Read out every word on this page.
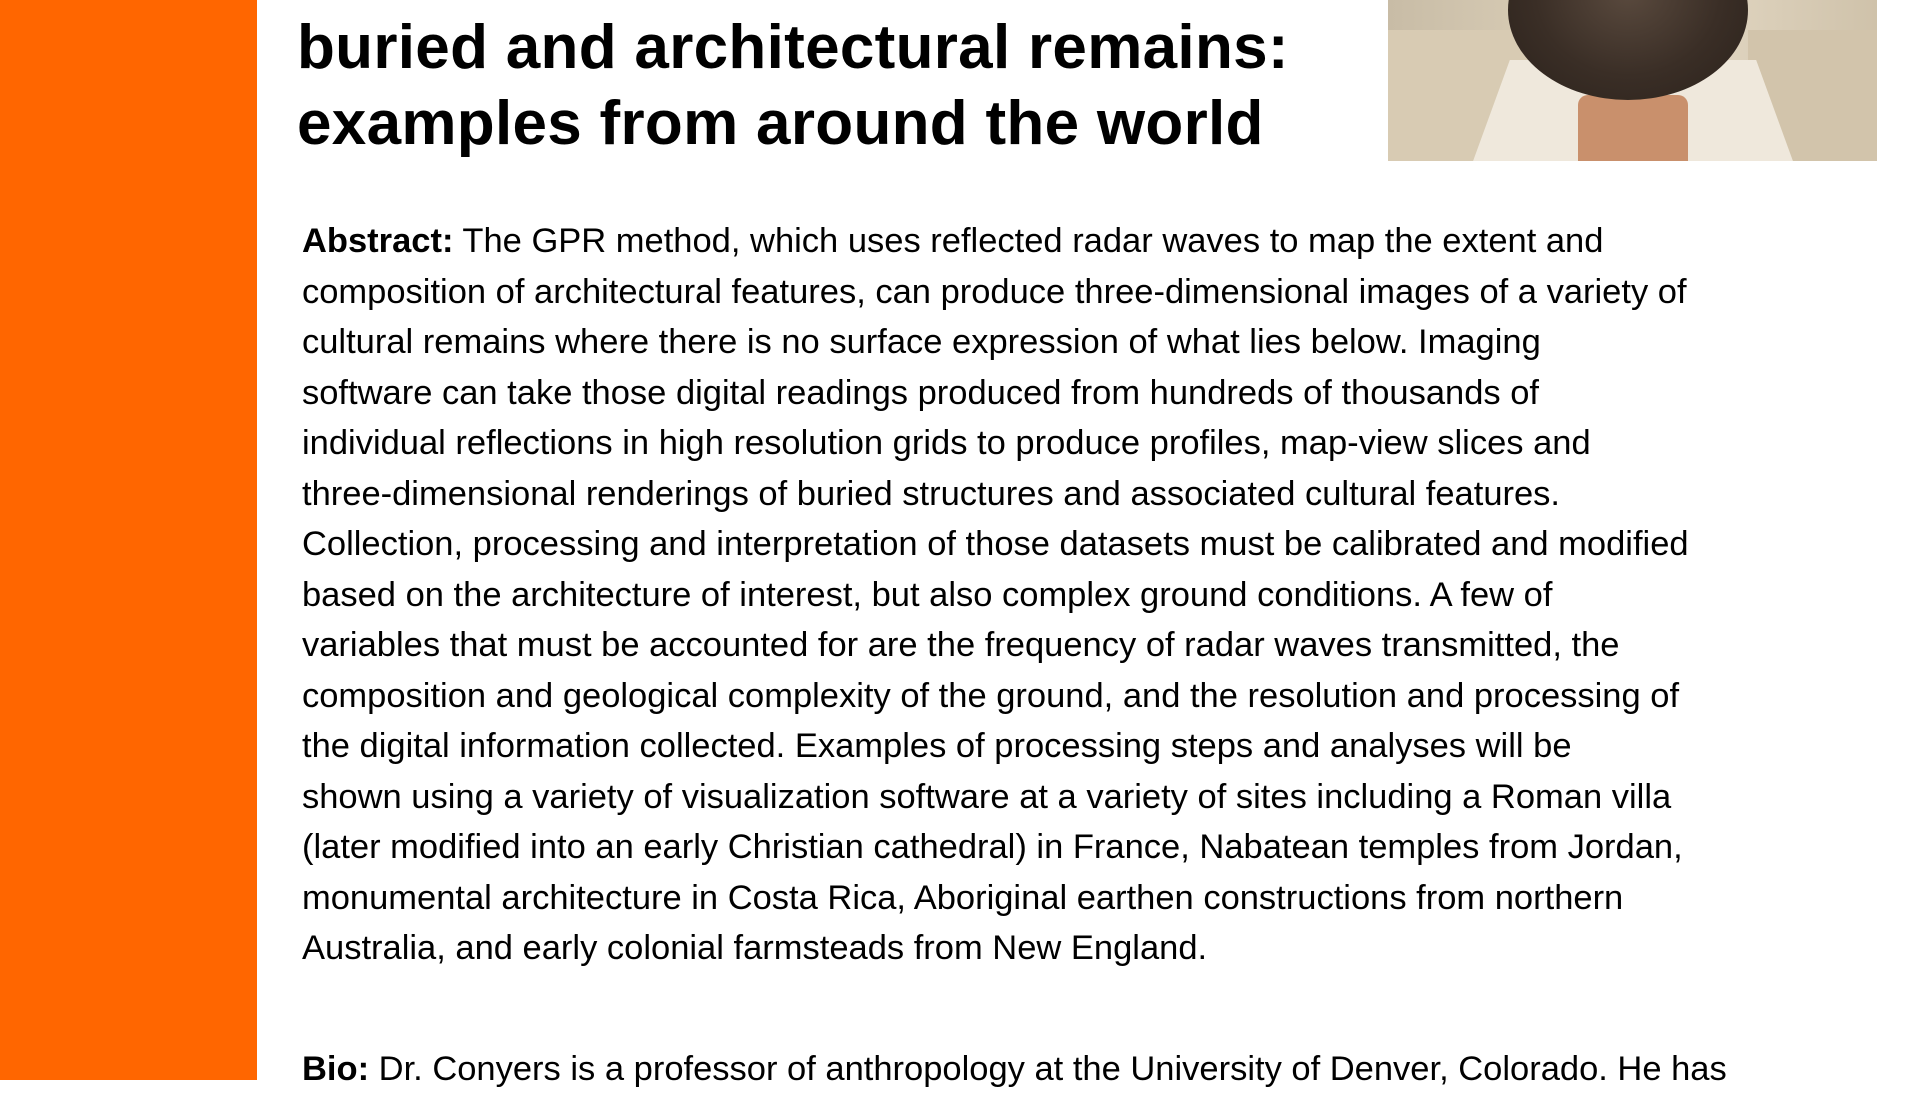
buried and architectural remains:
examples from around the world
Abstract: The GPR method, which uses reflected radar waves to map the extent and
composition of architectural features, can produce three-dimensional images of a variety of
cultural remains where there is no surface expression of what lies below. Imaging
software can take those digital readings produced from hundreds of thousands of
individual reflections in high resolution grids to produce profiles, map-view slices and
three-dimensional renderings of buried structures and associated cultural features.
Collection, processing and interpretation of those datasets must be calibrated and modified
based on the architecture of interest, but also complex ground conditions. A few of
variables that must be accounted for are the frequency of radar waves transmitted, the
composition and geological complexity of the ground, and the resolution and processing of
the digital information collected. Examples of processing steps and analyses will be
shown using a variety of visualization software at a variety of sites including a Roman villa
(later modified into an early Christian cathedral) in France, Nabatean temples from Jordan,
monumental architecture in Costa Rica, Aboriginal earthen constructions from northern
Australia, and early colonial farmsteads from New England.
Bio: Dr. Conyers is a professor of anthropology at the University of Denver, Colorado. He has
